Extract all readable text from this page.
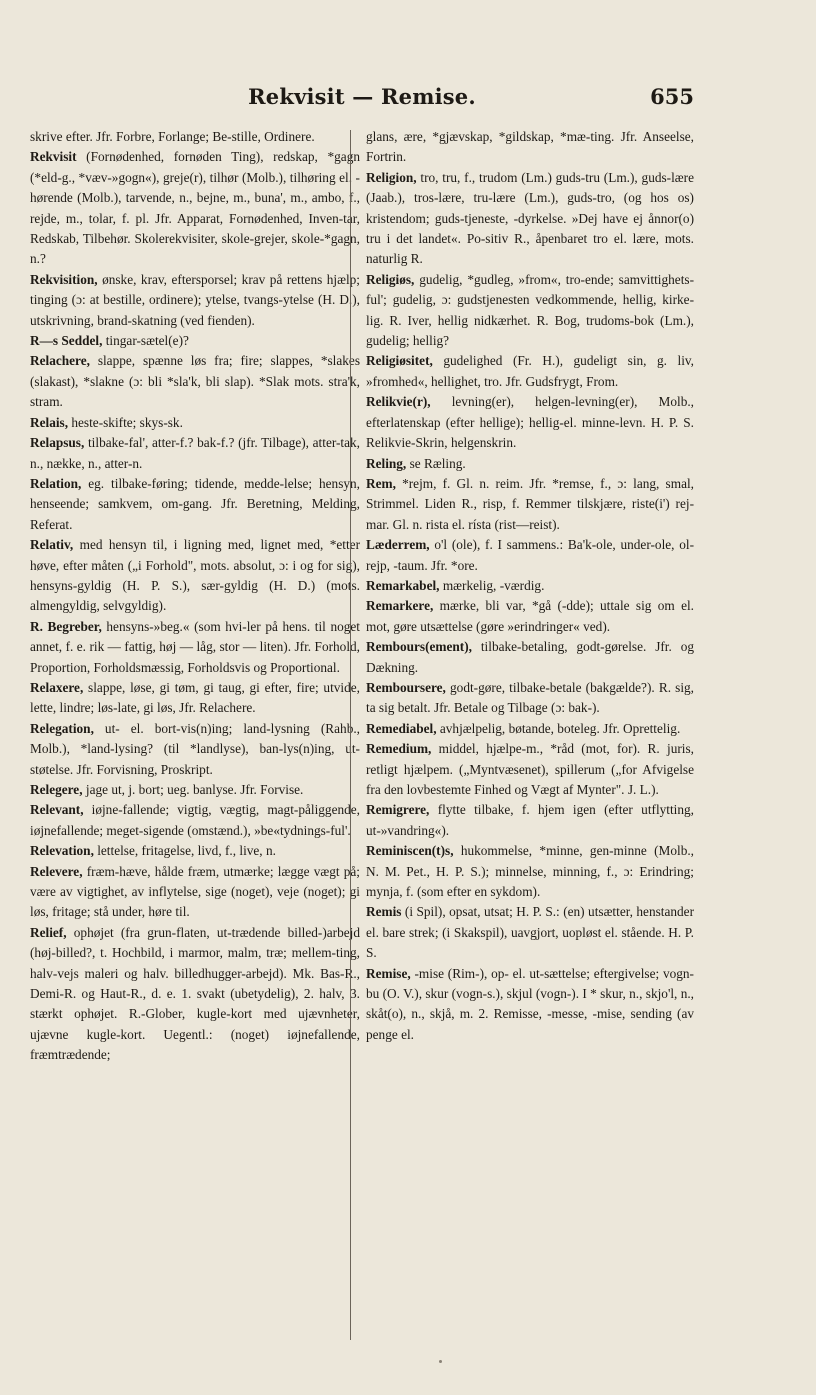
Rekvisit — Remise.	655

skrive efter. Jfr. Forbre, Forlange; Be-stille, Ordinere.

Rekvisit (Fornødenhed, fornøden Ting), redskap, *gagn (*eld-g., *væv-»gogn«), greje(r), tilhør (Molb.), tilhøring el. -hørende (Molb.), tarvende, n., bejne, m., buna', m., ambo, f., rejde, m., tolar, f. pl. Jfr. Apparat, Fornødenhed, Inven-tar, Redskab, Tilbehør. Skolerekvisiter, skole-grejer, skole-*gagn, n.?

Rekvisition, ønske, krav, eftersporsel; krav på rettens hjælp; tinging (ɔ: at bestille, ordinere); ytelse, tvangs-ytelse (H. D.), utskrivning, brand-skatning (ved fienden).

R—s Seddel, tingar-sætel(e)?

Relachere, slappe, spænne løs fra; fire; slappes, *slakes (slakast), *slakne (ɔ: bli *sla'k, bli slap). *Slak mots. stra'k, stram.

Relais, heste-skifte; skys-sk.

Relapsus, tilbake-fal', atter-f.? bak-f.? (jfr. Tilbage), atter-tak, n., nække, n., atter-n.

Relation, eg. tilbake-føring; tidende, medde-lelse; hensyn, henseende; samkvem, om-gang. Jfr. Beretning, Melding, Referat.

Relativ, med hensyn til, i ligning med, lignet med, *etter høve, efter måten („i Forhold", mots. absolut, ɔ: i og for sig), hensyns-gyldig (H. P. S.), sær-gyldig (H. D.) (mots. almengyldig, selvgyldig).

R. Begreber, hensyns-»beg.« (som hvi-ler på hens. til noget annet, f. e. rik — fattig, høj — låg, stor — liten). Jfr. Forhold, Proportion, Forholdsmæssig, Forholdsvis og Proportional.

Relaxere, slappe, løse, gi tøm, gi taug, gi efter, fire; utvide, lette, lindre; løs-late, gi løs, Jfr. Relachere.

Relegation, ut- el. bort-vis(n)ing; land-lysning (Rahb., Molb.), *land-lysing? (til *landlyse), ban-lys(n)ing, ut-støtelse. Jfr. Forvisning, Proskript.

Relegere, jage ut, j. bort; ueg. banlyse. Jfr. Forvise.

Relevant, iøjne-fallende; vigtig, vægtig, magt-påliggende, iøjnefallende; meget-sigende (omstænd.), »be«tydnings-ful'.

Relevation, lettelse, fritagelse, livd, f., live, n.

Relevere, fræm-hæve, hålde fræm, utmærke; lægge vægt på; være av vigtighet, av inflytelse, sige (noget), veje (noget); gi løs, fritage; stå under, høre til.

Relief, ophøjet (fra grun-flaten, ut-trædende billed-)arbejd (høj-billed?, t. Hochbild, i marmor, malm, træ; mellem-ting, halv-vejs maleri og halv. billedhugger-arbejd). Mk. Bas-R., Demi-R. og Haut-R., d. e. 1. svakt (ubetydelig), 2. halv, 3. stærkt ophøjet. R.-Glober, kugle-kort med ujævnheter, ujævne kugle-kort. Uegentl.: (noget) iøjnefallende, fræmtrædende;

glans, ære, *gjævskap, *gildskap, *mæ-ting. Jfr. Anseelse, Fortrin.

Religion, tro, tru, f., trudom (Lm.) guds-tru (Lm.), guds-lære (Jaab.), tros-lære, tru-lære (Lm.), guds-tro, (og hos os) kristendom; guds-tjeneste, -dyrkelse. »Dej have ej ånnor(o) tru i det landet«. Po-sitiv R., åpenbaret tro el. lære, mots. naturlig R.

Religiøs, gudelig, *gudleg, »from«, tro-ende; samvittighets-ful'; gudelig, ɔ: gudstjenesten vedkommende, hellig, kirke-lig. R. Iver, hellig nidkærhet. R. Bog, trudoms-bok (Lm.), gudelig; hellig?

Religiøsitet, gudelighed (Fr. H.), gudeligt sin, g. liv, »fromhed«, hellighet, tro. Jfr. Gudsfrygt, From.

Relikvie(r), levning(er), helgen-levning(er), Molb., efterlatenskap (efter hellige); hellig-el. minne-levn. H. P. S. Relikvie-Skrin, helgenskrin.

Reling, se Ræling.

Rem, *rejm, f. Gl. n. reim. Jfr. *remse, f., ɔ: lang, smal, Strimmel. Liden R., risp, f. Remmer tilskjære, riste(i') rej-mar. Gl. n. rista el. rísta (rist—reist).

Læderrem, o'l (ole), f. I sammens.: Ba'k-ole, under-ole, ol-rejp, -taum. Jfr. *ore.

Remarkabel, mærkelig, -værdig.

Remarkere, mærke, bli var, *gå (-dde); uttale sig om el. mot, gøre utsættelse (gøre »erindringer« ved).

Rembours(ement), tilbake-betaling, godt-gørelse. Jfr. og Dækning.

Remboursere, godt-gøre, tilbake-betale (bakgælde?). R. sig, ta sig betalt. Jfr. Betale og Tilbage (ɔ: bak-).

Remediabel, avhjælpelig, bøtande, boteleg. Jfr. Oprettelig.

Remedium, middel, hjælpe-m., *råd (mot, for). R. juris, retligt hjælpem. („Myntvæsenet), spillerum („for Afvigelse fra den lovbestemte Finhed og Vægt af Mynter". J. L.).

Remigrere, flytte tilbake, f. hjem igen (efter utflytting, ut-»vandring«).

Reminiscen(t)s, hukommelse, *minne, gen-minne (Molb., N. M. Pet., H. P. S.); minnelse, minning, f., ɔ: Erindring; mynja, f. (som efter en sykdom).

Remis (i Spil), opsat, utsat; H. P. S.: (en) utsætter, henstander el. bare strek; (i Skakspil), uavgjort, uopløst el. stående. H. P. S.

Remise, -mise (Rim-), op- el. ut-sættelse; eftergivelse; vogn-bu (O. V.), skur (vogn-s.), skjul (vogn-). I * skur, n., skjo'l, n., skåt(o), n., skjå, m. 2. Remisse, -messe, -mise, sending (av penge el.
